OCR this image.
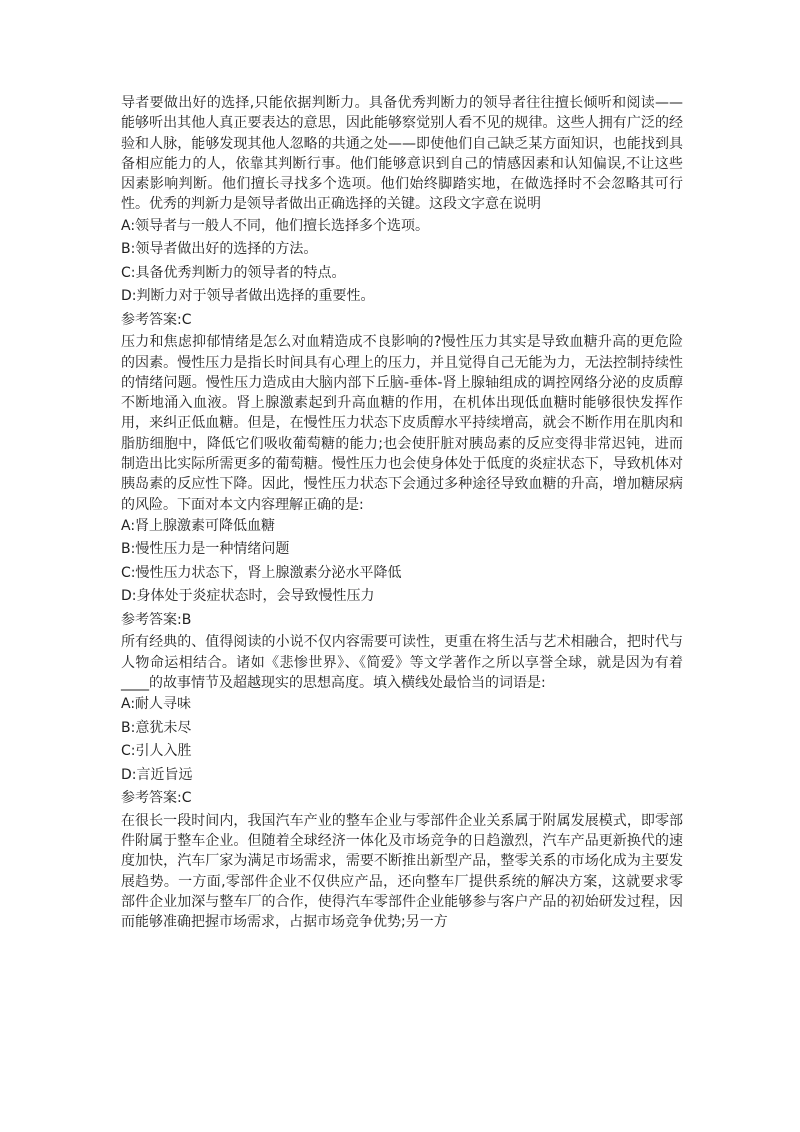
导者要做出好的选择,只能依据判断力。具备优秀判断力的领导者往往擅长倾听和阅读——能够听出其他人真正要表达的意思，因此能够察觉别人看不见的规律。这些人拥有广泛的经验和人脉，能够发现其他人忽略的共通之处——即使他们自己缺乏某方面知识，也能找到具备相应能力的人，依靠其判断行事。他们能够意识到自己的情感因素和认知偏误,不让这些因素影响判断。他们擅长寻找多个选项。他们始终脚踏实地，在做选择时不会忽略其可行性。优秀的判新力是领导者做出正确选择的关键。这段文字意在说明

A:领导者与一般人不同，他们擅长选择多个选项。

B:领导者做出好的选择的方法。

C:具备优秀判断力的领导者的特点。

D:判断力对于领导者做出选择的重要性。

参考答案:C

压力和焦虑抑郁情绪是怎么对血精造成不良影响的?慢性压力其实是导致血糖升高的更危险的因素。慢性压力是指长时间具有心理上的压力，并且觉得自己无能为力，无法控制持续性的情绪问题。慢性压力造成由大脑内部下丘脑-垂体-肾上腺轴组成的调控网络分泌的皮质醇不断地涌入血液。肾上腺激素起到升高血糖的作用，在机体出现低血糖时能够很快发挥作用，来纠正低血糖。但是，在慢性压力状态下皮质醇水平持续增高，就会不断作用在肌肉和脂肪细胞中，降低它们吸收葡萄糖的能力;也会使肝脏对胰岛素的反应变得非常迟钝，进而制造出比实际所需更多的葡萄糖。慢性压力也会使身体处于低度的炎症状态下，导致机体对胰岛素的反应性下降。因此，慢性压力状态下会通过多种途径导致血糖的升高，增加糖尿病的风险。下面对本文内容理解正确的是:

A:肾上腺激素可降低血糖

B:慢性压力是一种情绪问题

C:慢性压力状态下，肾上腺激素分泌水平降低

D:身体处于炎症状态时，会导致慢性压力

参考答案:B

所有经典的、值得阅读的小说不仅内容需要可读性，更重在将生活与艺术相融合，把时代与人物命运相结合。诸如《悲惨世界》、《简爱》等文学著作之所以享誉全球，就是因为有着____的故事情节及超越现实的思想高度。填入横线处最恰当的词语是:

A:耐人寻味

B:意犹未尽

C:引人入胜

D:言近旨远

参考答案:C

在很长一段时间内，我国汽车产业的整车企业与零部件企业关系属于附属发展模式，即零部件附属于整车企业。但随着全球经济一体化及市场竞争的日趋激烈，汽车产品更新换代的速度加快，汽车厂家为满足市场需求，需要不断推出新型产品，整零关系的市场化成为主要发展趋势。一方面,零部件企业不仅供应产品，还向整车厂提供系统的解决方案，这就要求零部件企业加深与整车厂的合作，使得汽车零部件企业能够参与客户产品的初始研发过程，因而能够准确把握市场需求，占据市场竞争优势;另一方
